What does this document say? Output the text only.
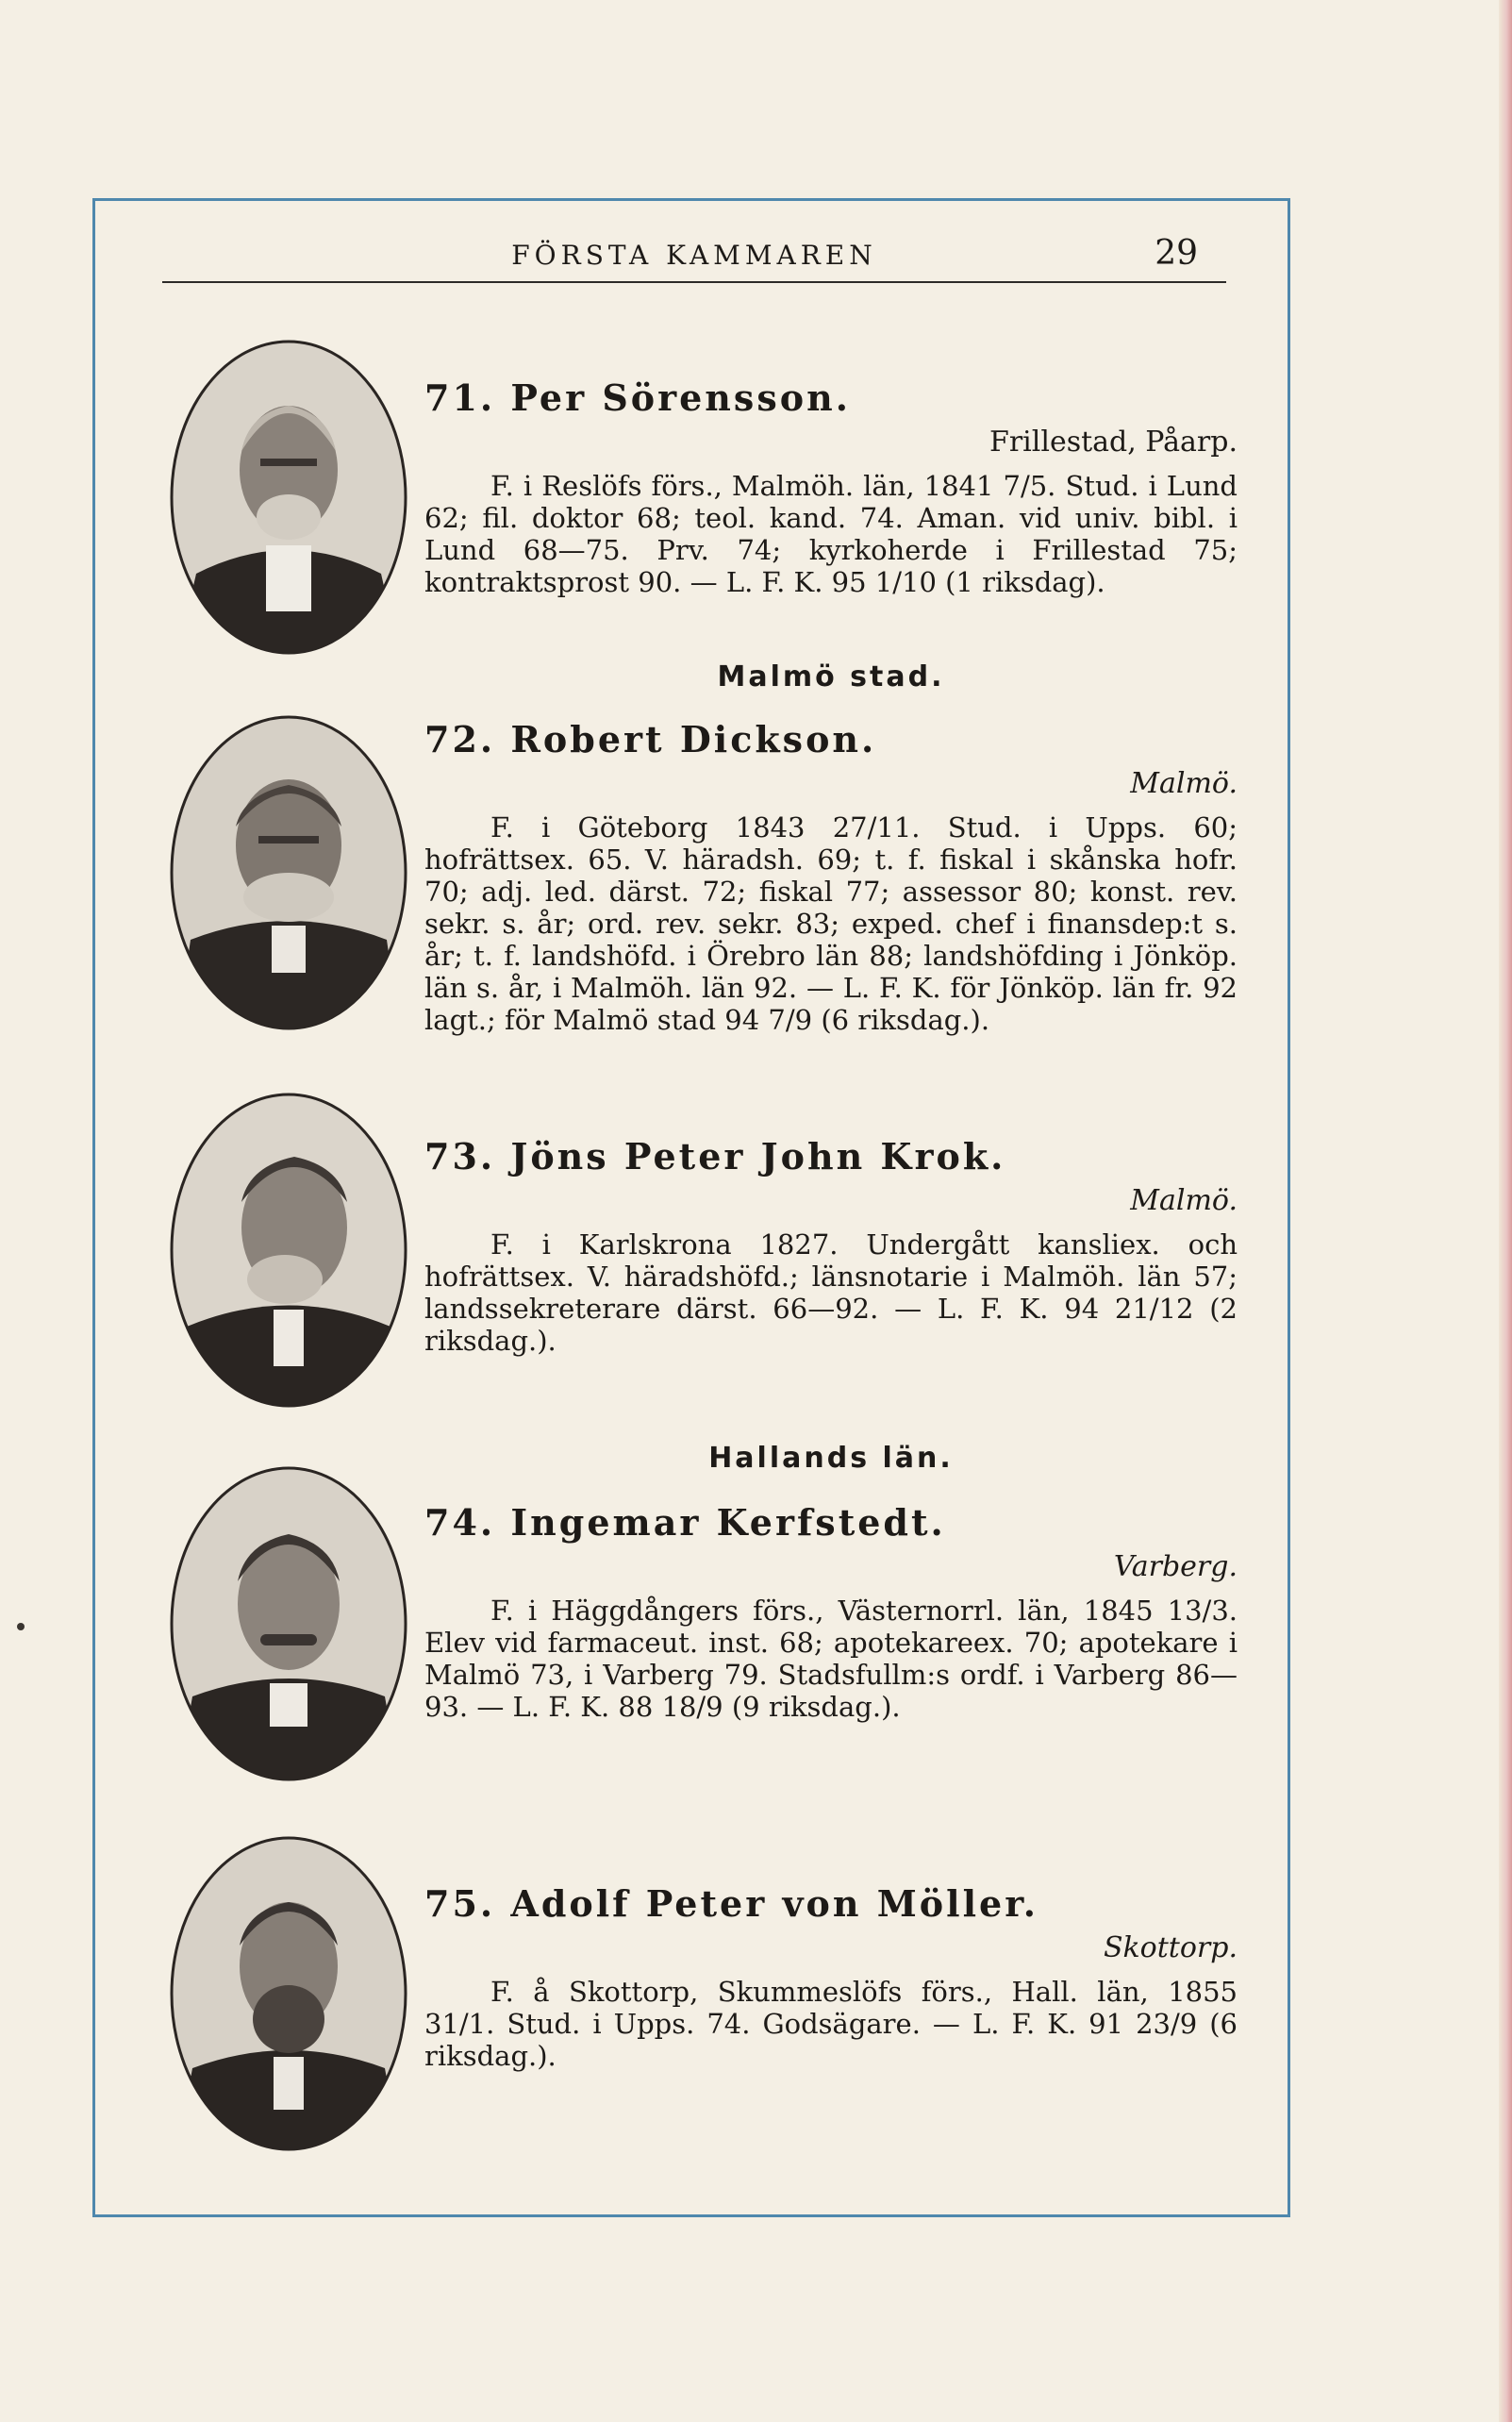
FÖRSTA KAMMAREN	29
71. Per Sörensson.
Frillestad, Påarp.

F. i Reslöfs förs., Malmöh. län, 1841 7/5. Stud. i Lund 62; fil. doktor 68; teol. kand. 74. Aman. vid univ. bibl. i Lund 68—75. Prv. 74; kyrkoherde i Frillestad 75; kontraktsprost 90. — L. F. K. 95 1/10 (1 riksdag).

Malmö stad.
72. Robert Dickson.
Malmö.

F. i Göteborg 1843 27/11. Stud. i Upps. 60; hofrättsex. 65. V. häradsh. 69; t. f. fiskal i skånska hofr. 70; adj. led. därst. 72; fiskal 77; assessor 80; konst. rev. sekr. s. år; ord. rev. sekr. 83; exped. chef i finansdep:t s. år; t. f. landshöfd. i Örebro län 88; landshöfding i Jönköp. län s. år, i Malmöh. län 92. — L. F. K. för Jönköp. län fr. 92 lagt.; för Malmö stad 94 7/9 (6 riksdag.).

73. Jöns Peter John Krok.
Malmö.

F. i Karlskrona 1827. Undergått kansliex. och hofrättsex. V. häradshöfd.; länsnotarie i Malmöh. län 57; landssekreterare därst. 66—92. — L. F. K. 94 21/12 (2 riksdag.).

Hallands län.
74. Ingemar Kerfstedt.
Varberg.

F. i Häggdångers förs., Västernorrl. län, 1845 13/3. Elev vid farmaceut. inst. 68; apotekareex. 70; apotekare i Malmö 73, i Varberg 79. Stadsfullm:s ordf. i Varberg 86—93. — L. F. K. 88 18/9 (9 riksdag.).

75. Adolf Peter von Möller.
Skottorp.

F. å Skottorp, Skummeslöfs förs., Hall. län, 1855 31/1. Stud. i Upps. 74. Godsägare. — L. F. K. 91 23/9 (6 riksdag.).
